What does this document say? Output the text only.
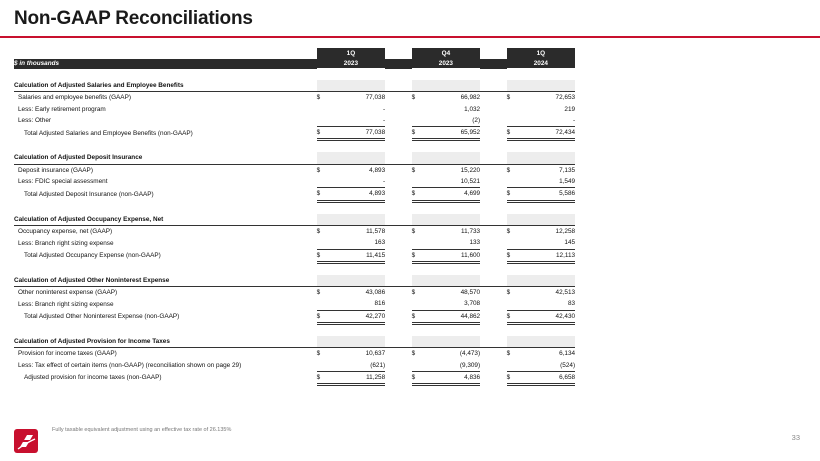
Non-GAAP Reconciliations
	1Q			Q4			1Q		
$ in thousands	2023			2023			2024		

Calculation of Adjusted Salaries and Employee Benefits									
Salaries and employee benefits (GAAP)	$	77,038		$	66,982		$	72,653	
Less: Early retirement program		-			1,032			219	
Less: Other		-			(2)			-	
Total Adjusted Salaries and Employee Benefits (non-GAAP)	$	77,038		$	65,952		$	72,434	

Calculation of Adjusted Deposit Insurance									
Deposit insurance (GAAP)	$	4,893		$	15,220		$	7,135	
Less: FDIC special assessment		-			10,521			1,549	
Total Adjusted Deposit Insurance (non-GAAP)	$	4,893		$	4,699		$	5,586	

Calculation of Adjusted Occupancy Expense, Net									
Occupancy expense, net (GAAP)	$	11,578		$	11,733		$	12,258	
Less: Branch right sizing expense		163			133			145	
Total Adjusted Occupancy Expense (non-GAAP)	$	11,415		$	11,600		$	12,113	

Calculation of Adjusted Other Noninterest Expense									
Other noninterest expense (GAAP)	$	43,086		$	48,570		$	42,513	
Less: Branch right sizing expense		816			3,708			83	
Total Adjusted Other Noninterest Expense (non-GAAP)	$	42,270		$	44,862		$	42,430	

Calculation of Adjusted Provision for Income Taxes									
Provision for income taxes (GAAP)	$	10,637		$	(4,473)		$	6,134	
Less: Tax effect of certain items (non-GAAP) (reconciliation shown on page 29)		(621)			(9,309)			(524)	
Adjusted provision for income taxes (non-GAAP)	$	11,258		$	4,836		$	6,658	
Fully taxable equivalent adjustment using an effective tax rate of 26.135%
33
